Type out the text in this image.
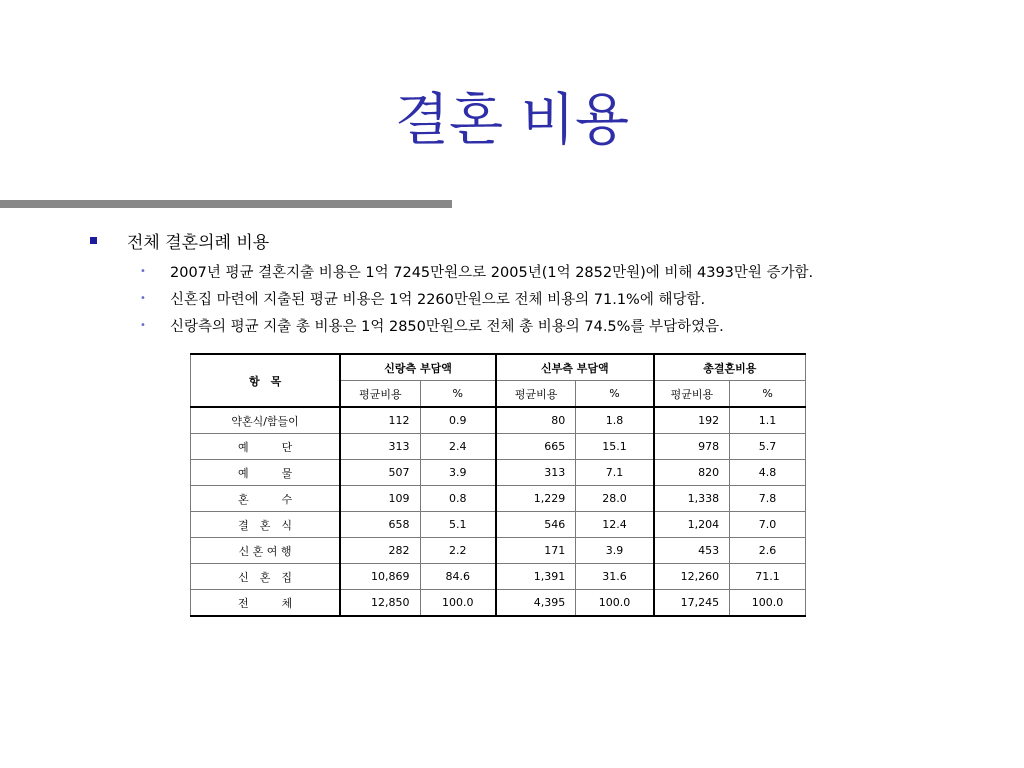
결혼 비용
전체 결혼의례 비용
•	2007년 평균 결혼지출 비용은 1억 7245만원으로 2005년(1억 2852만원)에 비해 4393만원 증가함.
•	신혼집 마련에 지출된 평균 비용은 1억 2260만원으로 전체 비용의 71.1%에 해당함.
•	신랑측의 평균 지출 총 비용은 1억 2850만원으로 전체 총 비용의 74.5%를 부담하였음.
항　목	신랑측 부담액		신부측 부담액		총결혼비용	
	평균비용	%	평균비용	%	평균비용	%
약혼식/함들이	112	0.9	80	1.8	192	1.1
예　　　단	313	2.4	665	15.1	978	5.7
예　　　물	507	3.9	313	7.1	820	4.8
혼　　　수	109	0.8	1,229	28.0	1,338	7.8
결　혼　식	658	5.1	546	12.4	1,204	7.0
신 혼 여 행	282	2.2	171	3.9	453	2.6
신　혼　집	10,869	84.6	1,391	31.6	12,260	71.1
전　　　체	12,850	100.0	4,395	100.0	17,245	100.0
